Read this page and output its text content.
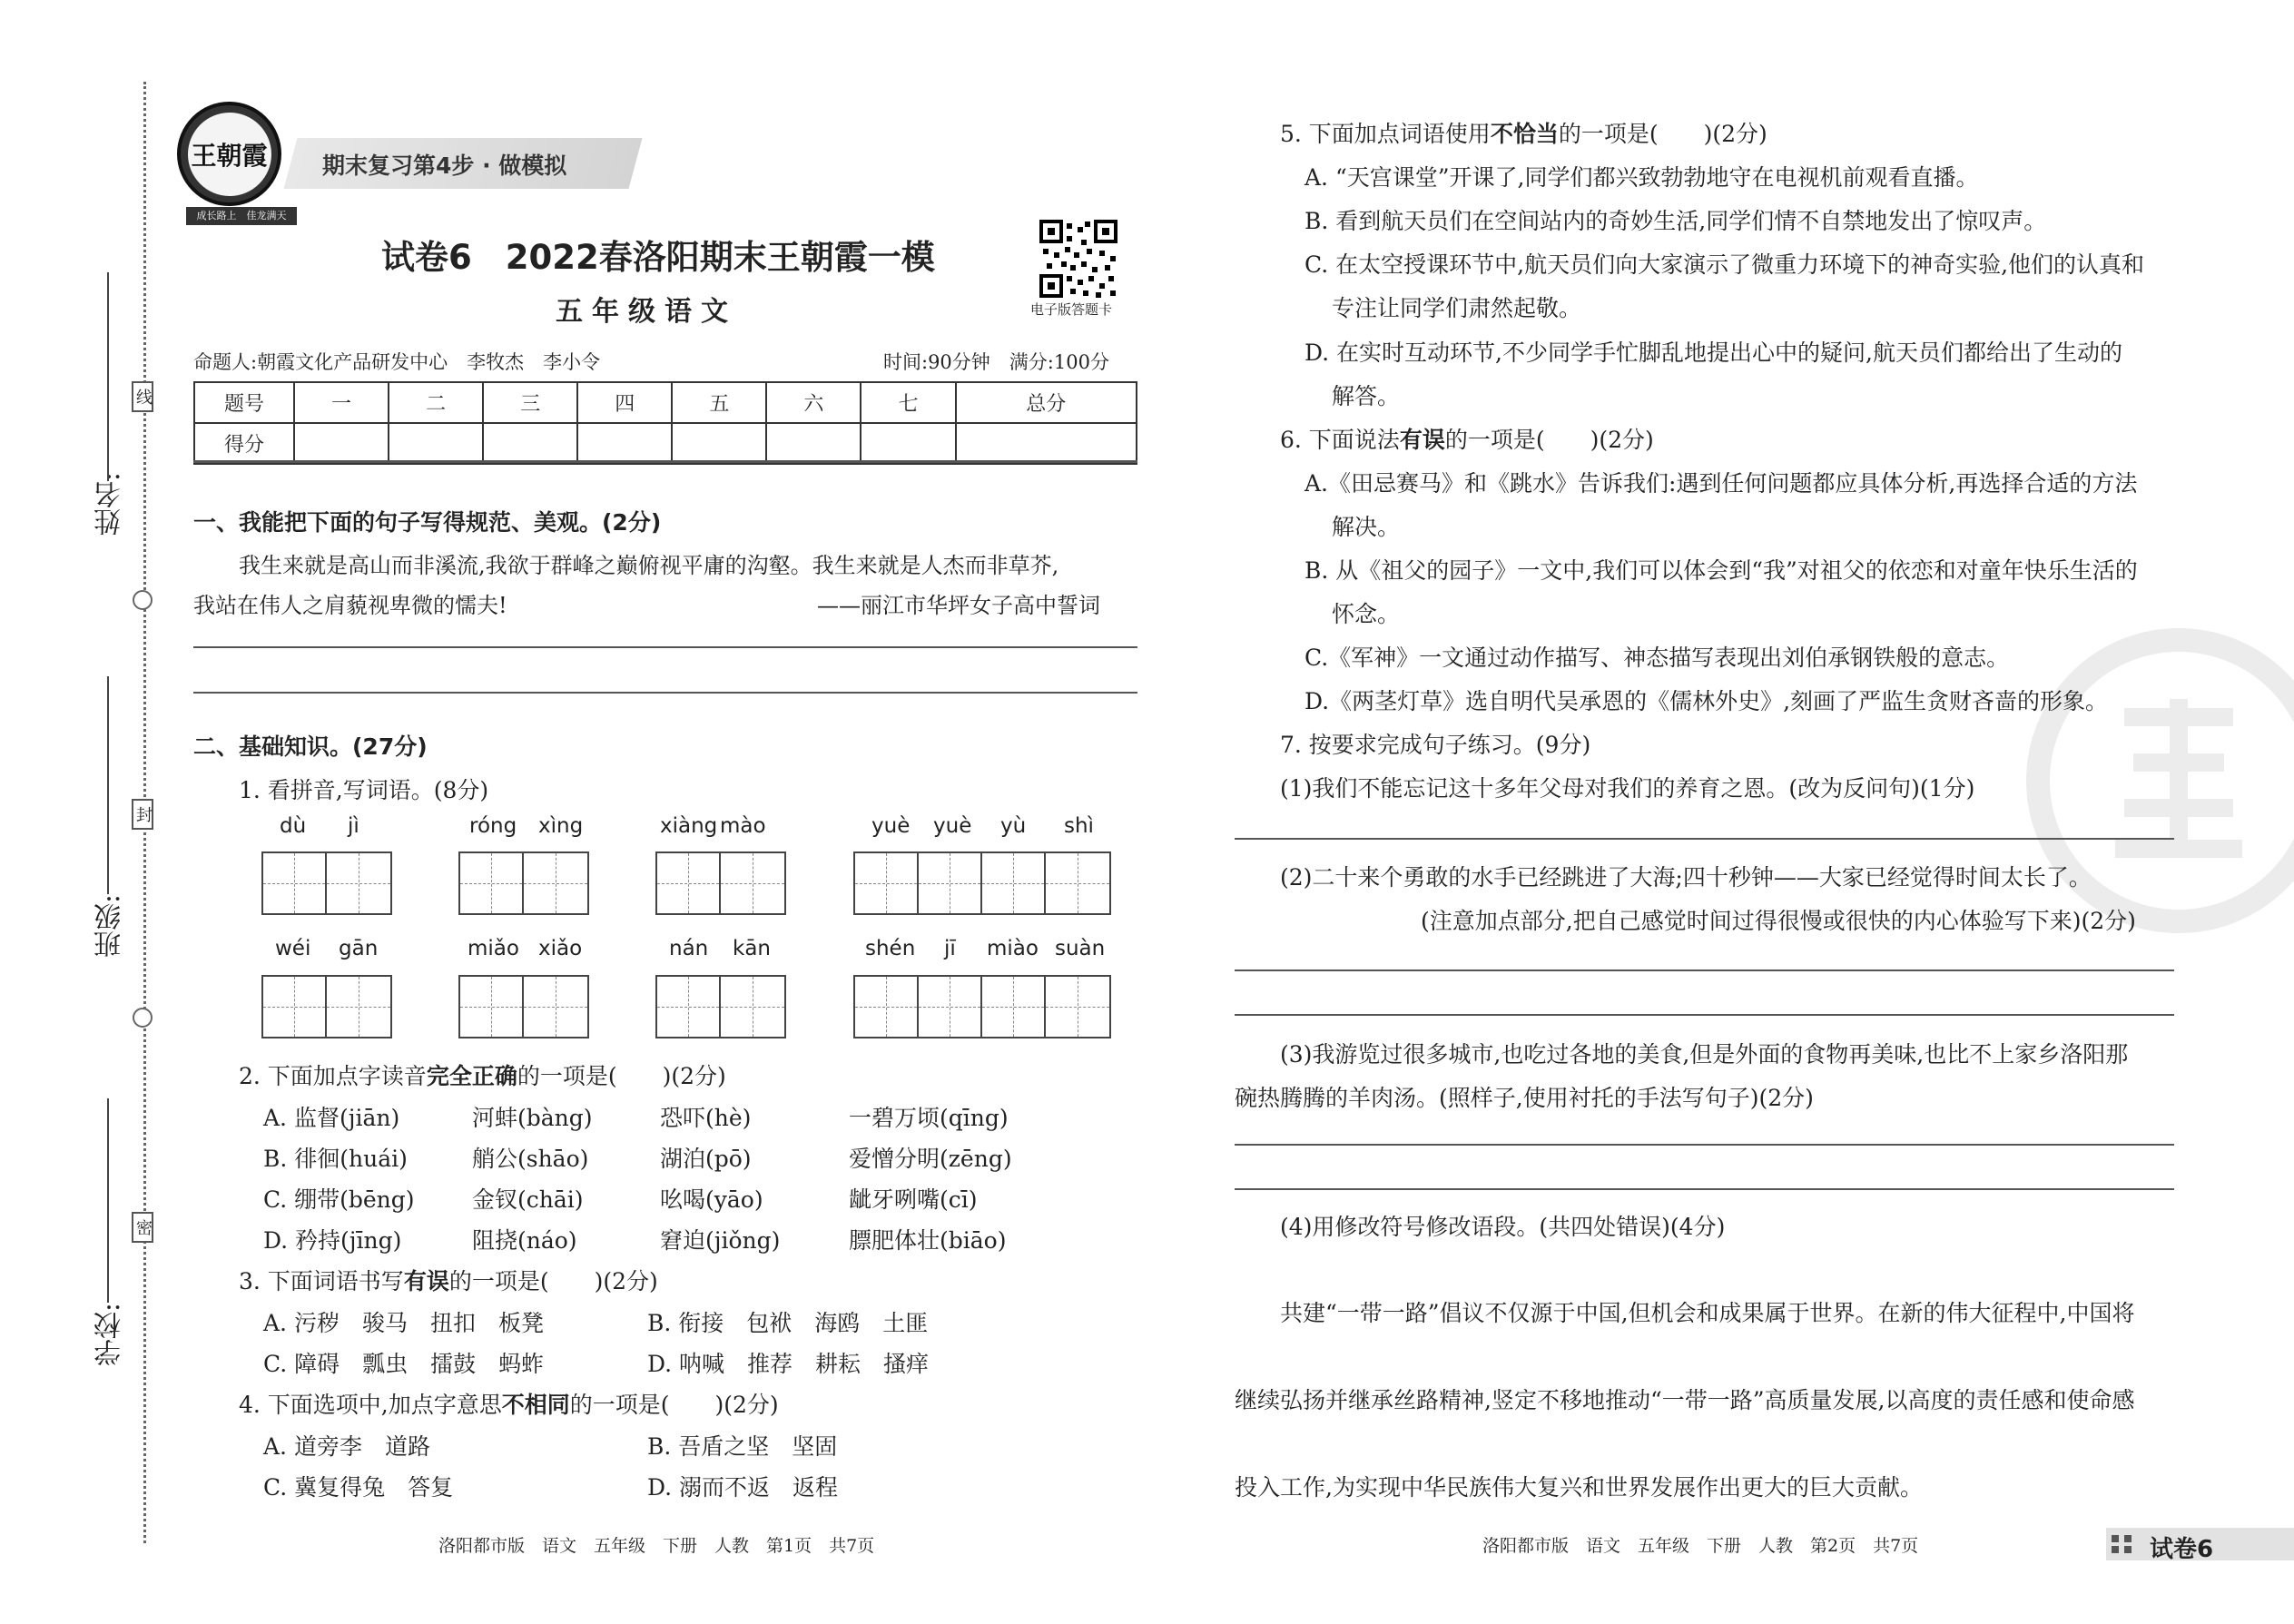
姓名:
班级:
学校:
线
封
密
王朝霞
成长路上　佳龙满天
期末复习第4步 · 做模拟
试卷6　2022春洛阳期末王朝霞一模
五年级语文	电子版答题卡
命题人:朝霞文化产品研发中心　李牧杰　李小令	时间:90分钟　满分:100分
题号	一	二	三	四	五	六	七	总分
得分								
一、我能把下面的句子写得规范、美观。(2分)
我生来就是高山而非溪流,我欲于群峰之巅俯视平庸的沟壑。我生来就是人杰而非草芥,
我站在伟人之肩藐视卑微的懦夫!	——丽江市华坪女子高中誓词
二、基础知识。(27分)
1. 看拼音,写词语。(8分)
dù jì	róng xìng	xiàng mào	yuè yuè yù shì
wéi gān	miǎo xiǎo	nán kān	shén jī miào suàn
2. 下面加点字读音完全正确的一项是(　　)(2分)
A. 监督(jiān)	河蚌(bàng)	恐吓(hè)	一碧万顷(qīng)
B. 徘徊(huái)	艄公(shāo)	湖泊(pō)	爱憎分明(zēng)
C. 绷带(bēng)	金钗(chāi)	吆喝(yāo)	龇牙咧嘴(cī)
D. 矜持(jīng)	阻挠(náo)	窘迫(jiǒng)	膘肥体壮(biāo)
3. 下面词语书写有误的一项是(　　)(2分)
A. 污秽　骏马　扭扣　板凳	B. 衔接　包袱　海鸥　土匪
C. 障碍　瓢虫　擂鼓　蚂蚱	D. 呐喊　推荐　耕耘　搔痒
4. 下面选项中,加点字意思不相同的一项是(　　)(2分)
A. 道旁李　道路	B. 吾盾之坚　坚固
C. 冀复得兔　答复	D. 溺而不返　返程
洛阳都市版　语文　五年级　下册　人教　第1页　共7页
5. 下面加点词语使用不恰当的一项是(　　)(2分)
A. “天宫课堂”开课了,同学们都兴致勃勃地守在电视机前观看直播。
B. 看到航天员们在空间站内的奇妙生活,同学们情不自禁地发出了惊叹声。
C. 在太空授课环节中,航天员们向大家演示了微重力环境下的神奇实验,他们的认真和
专注让同学们肃然起敬。
D. 在实时互动环节,不少同学手忙脚乱地提出心中的疑问,航天员们都给出了生动的
解答。
6. 下面说法有误的一项是(　　)(2分)
A.《田忌赛马》和《跳水》告诉我们:遇到任何问题都应具体分析,再选择合适的方法
解决。
B. 从《祖父的园子》一文中,我们可以体会到“我”对祖父的依恋和对童年快乐生活的
怀念。
C.《军神》一文通过动作描写、神态描写表现出刘伯承钢铁般的意志。
D.《两茎灯草》选自明代吴承恩的《儒林外史》,刻画了严监生贪财吝啬的形象。
7. 按要求完成句子练习。(9分)
(1)我们不能忘记这十多年父母对我们的养育之恩。(改为反问句)(1分)
(2)二十来个勇敢的水手已经跳进了大海;四十秒钟——大家已经觉得时间太长了。
(注意加点部分,把自己感觉时间过得很慢或很快的内心体验写下来)(2分)
(3)我游览过很多城市,也吃过各地的美食,但是外面的食物再美味,也比不上家乡洛阳那
碗热腾腾的羊肉汤。(照样子,使用衬托的手法写句子)(2分)
(4)用修改符号修改语段。(共四处错误)(4分)
共建“一带一路”倡议不仅源于中国,但机会和成果属于世界。在新的伟大征程中,中国将
继续弘扬并继承丝路精神,竖定不移地推动“一带一路”高质量发展,以高度的责任感和使命感
投入工作,为实现中华民族伟大复兴和世界发展作出更大的巨大贡献。
洛阳都市版　语文　五年级　下册　人教　第2页　共7页	试卷6
